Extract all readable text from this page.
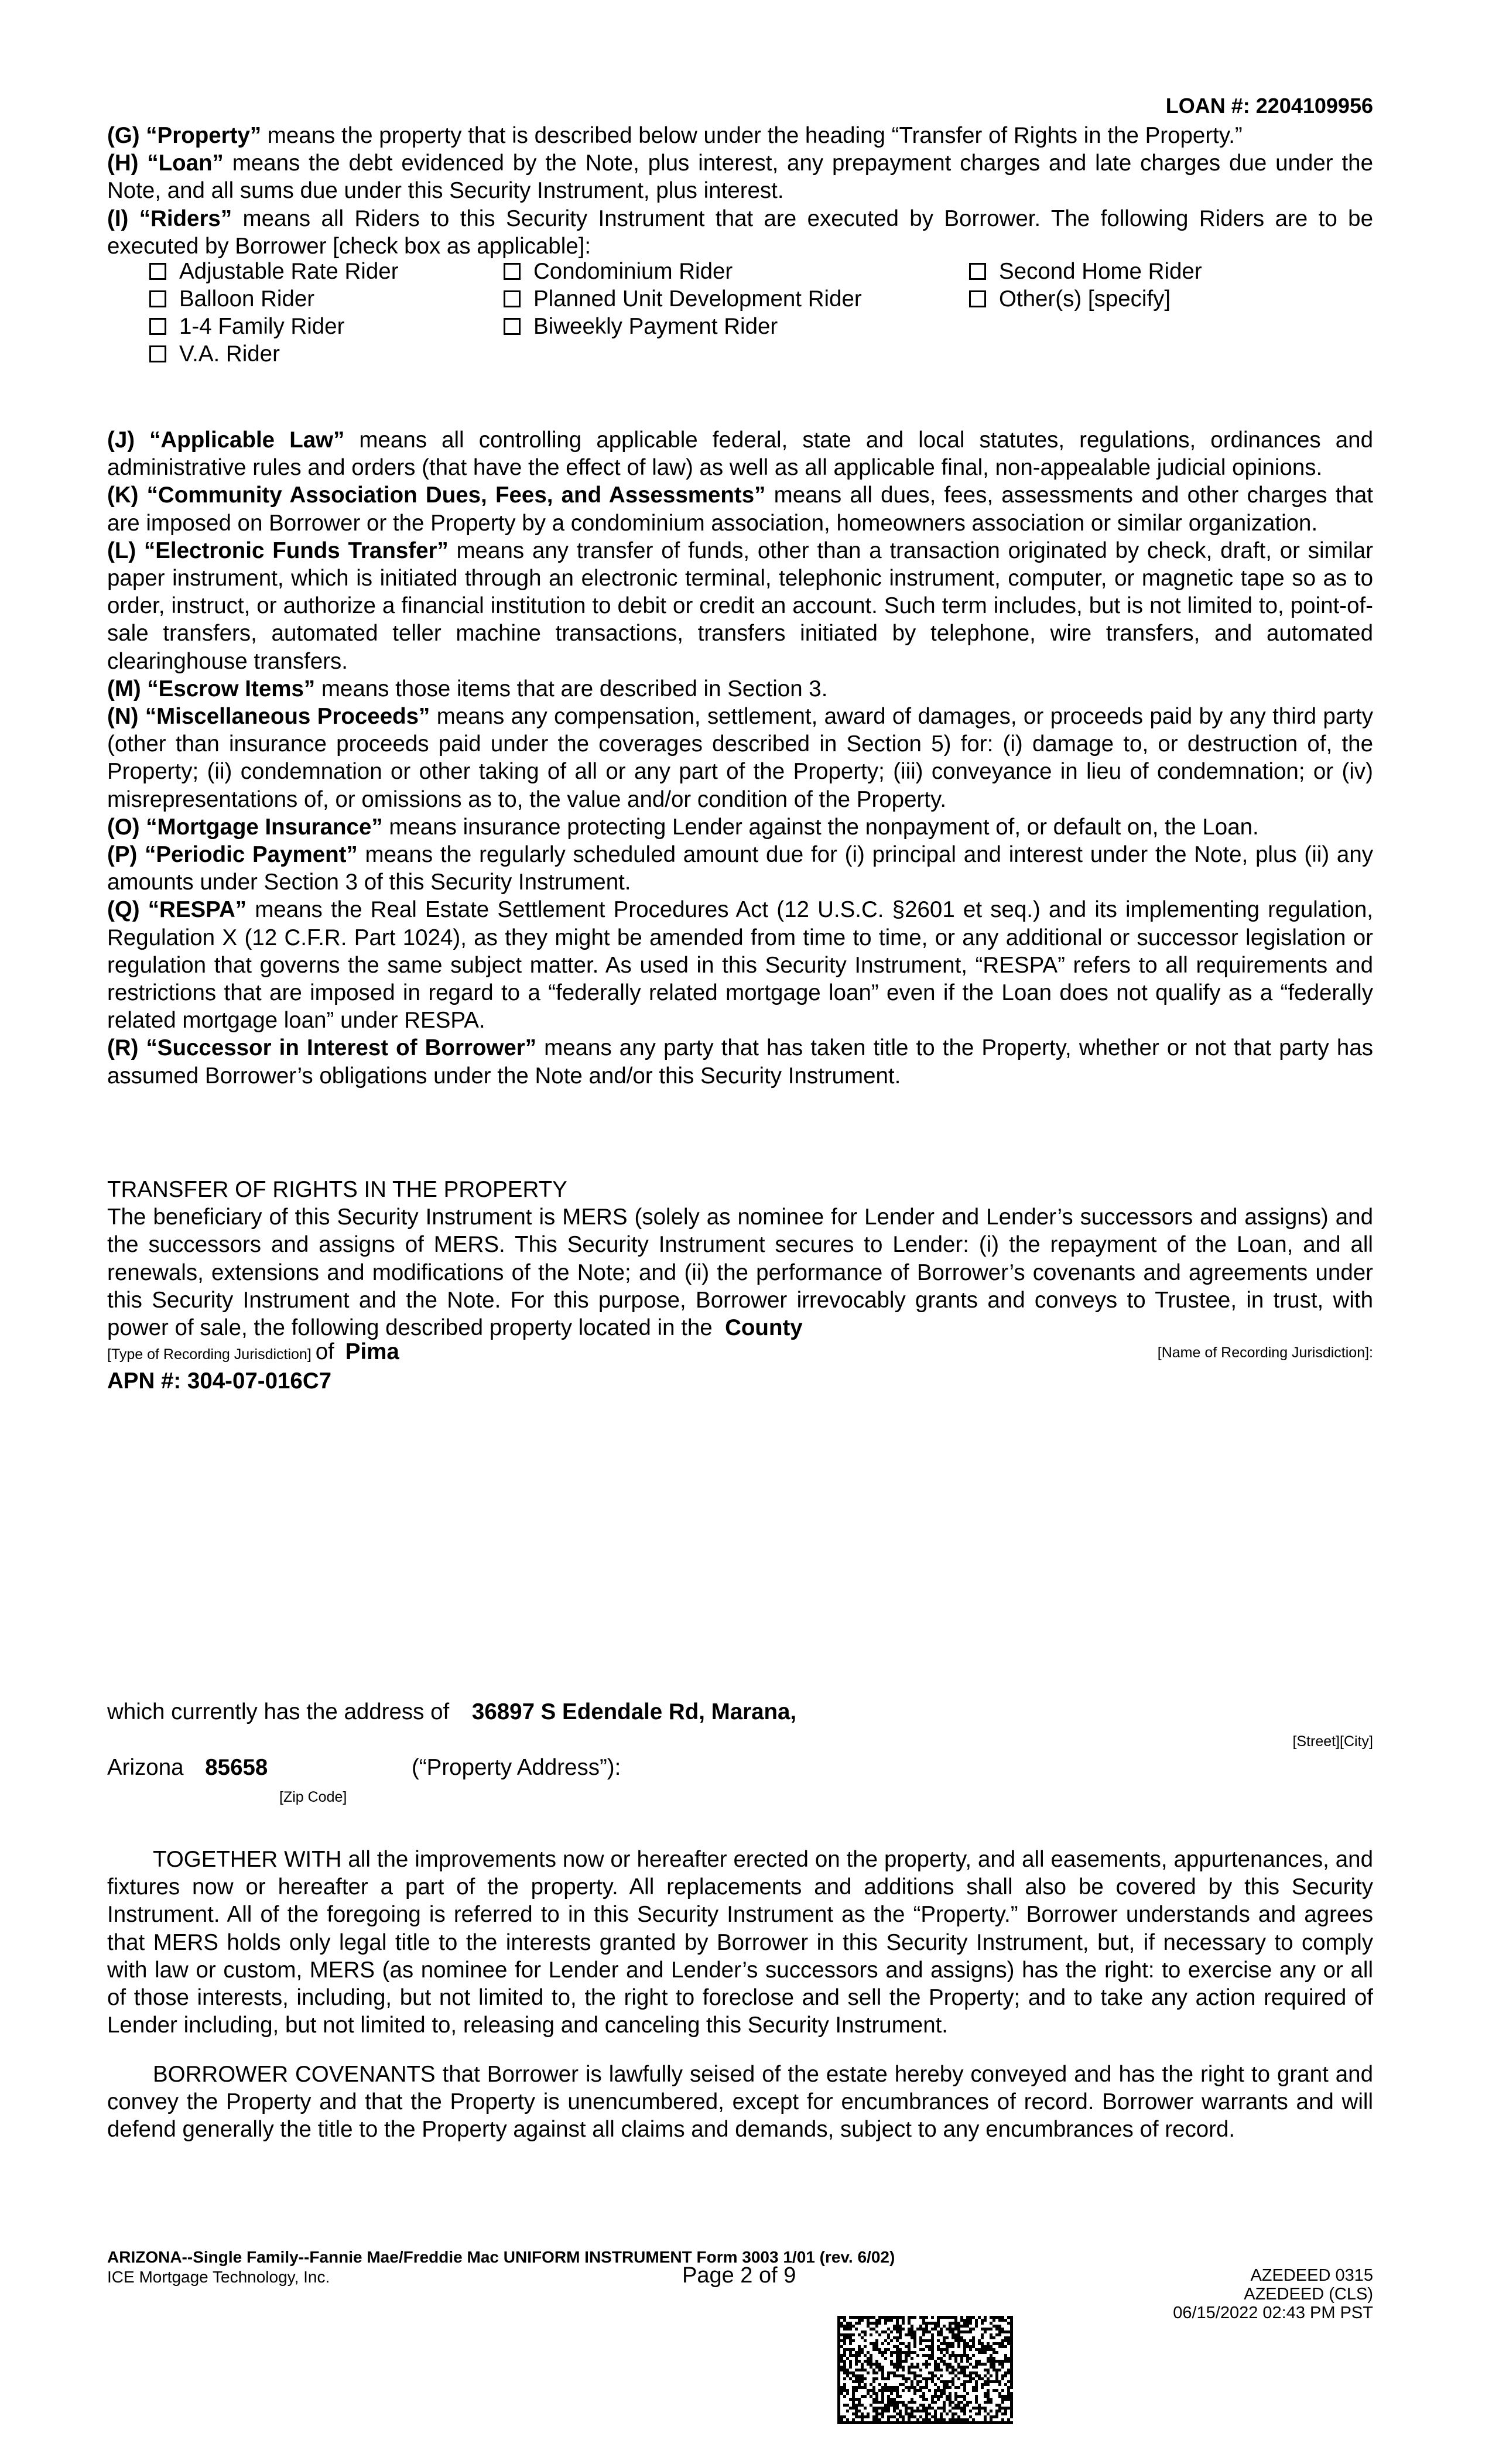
LOAN #: 2204109956

(G) “Property” means the property that is described below under the heading “Transfer of Rights in the Property.”

(H) “Loan” means the debt evidenced by the Note, plus interest, any prepayment charges and late charges due under the Note, and all sums due under this Security Instrument, plus interest.

(I) “Riders” means all Riders to this Security Instrument that are executed by Borrower. The following Riders are to be executed by Borrower [check box as applicable]:

Adjustable Rate Rider
Balloon Rider
1-4 Family Rider
V.A. Rider
Condominium Rider
Planned Unit Development Rider
Biweekly Payment Rider
Second Home Rider
Other(s) [specify]

(J) “Applicable Law” means all controlling applicable federal, state and local statutes, regulations, ordinances and administrative rules and orders (that have the effect of law) as well as all applicable final, non-appealable judicial opinions.

(K) “Community Association Dues, Fees, and Assessments” means all dues, fees, assessments and other charges that are imposed on Borrower or the Property by a condominium association, homeowners association or similar organization.

(L) “Electronic Funds Transfer” means any transfer of funds, other than a transaction originated by check, draft, or similar paper instrument, which is initiated through an electronic terminal, telephonic instrument, computer, or magnetic tape so as to order, instruct, or authorize a financial institution to debit or credit an account. Such term includes, but is not limited to, point-of-sale transfers, automated teller machine transactions, transfers initiated by telephone, wire transfers, and automated clearinghouse transfers.

(M) “Escrow Items” means those items that are described in Section 3.

(N) “Miscellaneous Proceeds” means any compensation, settlement, award of damages, or proceeds paid by any third party (other than insurance proceeds paid under the coverages described in Section 5) for: (i) damage to, or destruction of, the Property; (ii) condemnation or other taking of all or any part of the Property; (iii) conveyance in lieu of condemnation; or (iv) misrepresentations of, or omissions as to, the value and/or condition of the Property.

(O) “Mortgage Insurance” means insurance protecting Lender against the nonpayment of, or default on, the Loan.

(P) “Periodic Payment” means the regularly scheduled amount due for (i) principal and interest under the Note, plus (ii) any amounts under Section 3 of this Security Instrument.

(Q) “RESPA” means the Real Estate Settlement Procedures Act (12 U.S.C. §2601 et seq.) and its implementing regulation, Regulation X (12 C.F.R. Part 1024), as they might be amended from time to time, or any additional or successor legislation or regulation that governs the same subject matter. As used in this Security Instrument, “RESPA” refers to all requirements and restrictions that are imposed in regard to a “federally related mortgage loan” even if the Loan does not qualify as a “federally related mortgage loan” under RESPA.

(R) “Successor in Interest of Borrower” means any party that has taken title to the Property, whether or not that party has assumed Borrower’s obligations under the Note and/or this Security Instrument.

TRANSFER OF RIGHTS IN THE PROPERTY
The beneficiary of this Security Instrument is MERS (solely as nominee for Lender and Lender’s successors and assigns) and the successors and assigns of MERS. This Security Instrument secures to Lender: (i) the repayment of the Loan, and all renewals, extensions and modifications of the Note; and (ii) the performance of Borrower’s covenants and agreements under this Security Instrument and the Note. For this purpose, Borrower irrevocably grants and conveys to Trustee, in trust, with power of sale, the following described property located in the County
[Type of Recording Jurisdiction] of Pima	[Name of Recording Jurisdiction]:
APN #: 304-07-016C7
which currently has the address of 36897 S Edendale Rd, Marana,
[Street][City]
Arizona 85658	(“Property Address”):
[Zip Code]
TOGETHER WITH all the improvements now or hereafter erected on the property, and all easements, appurtenances, and fixtures now or hereafter a part of the property. All replacements and additions shall also be covered by this Security Instrument. All of the foregoing is referred to in this Security Instrument as the “Property.” Borrower understands and agrees that MERS holds only legal title to the interests granted by Borrower in this Security Instrument, but, if necessary to comply with law or custom, MERS (as nominee for Lender and Lender’s successors and assigns) has the right: to exercise any or all of those interests, including, but not limited to, the right to foreclose and sell the Property; and to take any action required of Lender including, but not limited to, releasing and canceling this Security Instrument.
BORROWER COVENANTS that Borrower is lawfully seised of the estate hereby conveyed and has the right to grant and convey the Property and that the Property is unencumbered, except for encumbrances of record. Borrower warrants and will defend generally the title to the Property against all claims and demands, subject to any encumbrances of record.
ARIZONA--Single Family--Fannie Mae/Freddie Mac UNIFORM INSTRUMENT Form 3003 1/01 (rev. 6/02)
ICE Mortgage Technology, Inc.	Page 2 of 9	AZEDEED 0315
AZEDEED (CLS)
06/15/2022 02:43 PM PST
